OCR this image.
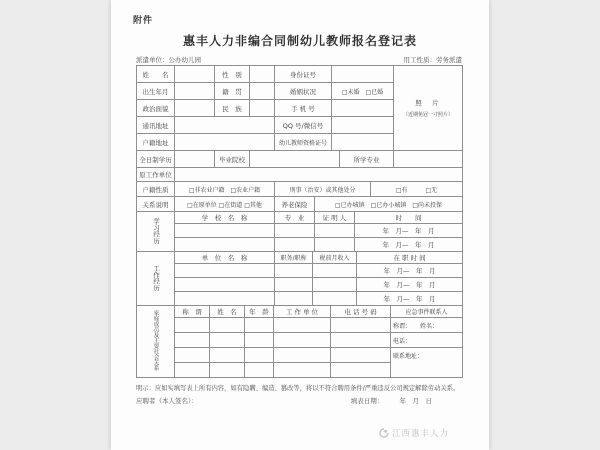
附件
惠丰人力非编合同制幼儿教师报名登记表
派遣单位：公办幼儿园	用工性质：劳务派遣
姓　　名		性　别		身份证号		照　片
（近期免冠一寸照片）

出生年月		籍　贯		婚姻状况	□未婚　□已婚	
政治面貌		民　族		手 机 号		
通讯地址				QQ 号/微信号		
户籍地址				幼儿教师资格证号		
全日制学历		毕业院校		所学专业	
原工作单位	
户籍性质	□非农业户籍　□农业户籍	刑事（治安）或其他处分		□有　　　□无
关系说明	□在原单位 □在街道 □其他	养老保险	□已办城镇　□已办小城镇　□尚未投保	
学习经历	学　校　名　称	专　业	证 明 人	时　　间
				年　月—　年　月
				年　月—　年　月
工作经历	单　位　名　称	职务/职称	税前月收入	在 职 时 间
				年　月—　年　月
				年　月—　年　月
				年　月—　年　月
家庭成员及主要社会关系	称　谓	姓　名	年　龄	工 作 单 位	电 话 号 码	应急事件联系人
						称谓：　　姓名：
						电话：
						联系地址：

明示：应如实填写表上所有内容，如有隐瞒、编造、篡改等，将以不符合聘用条件/严重违反公司规定解除劳动关系。
应聘者（本人签名）：	填表日期：　　　年　月　日
江西惠丰人力
